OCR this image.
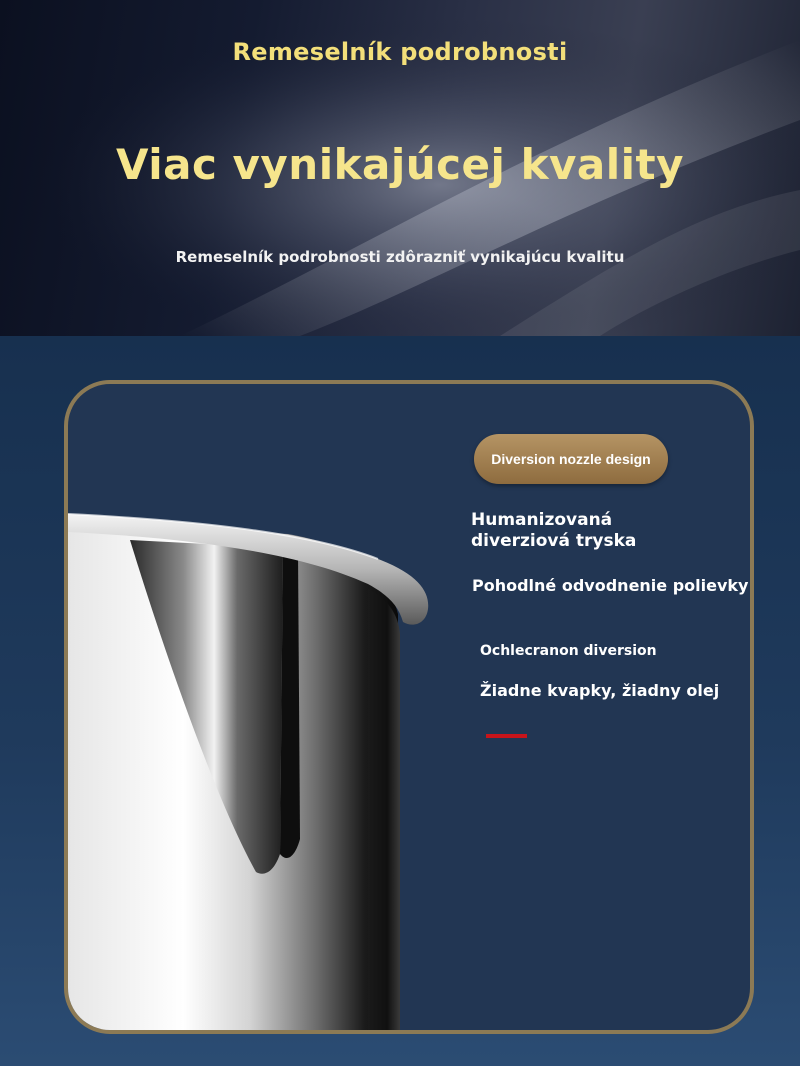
Remeselník podrobnosti
Viac vynikajúcej kvality
Remeselník podrobnosti zdôrazniť vynikajúcu kvalitu
Diversion nozzle design
Humanizovaná
diverziová tryska
Pohodlné odvodnenie polievky
Ochlecranon diversion
Žiadne kvapky, žiadny olej
